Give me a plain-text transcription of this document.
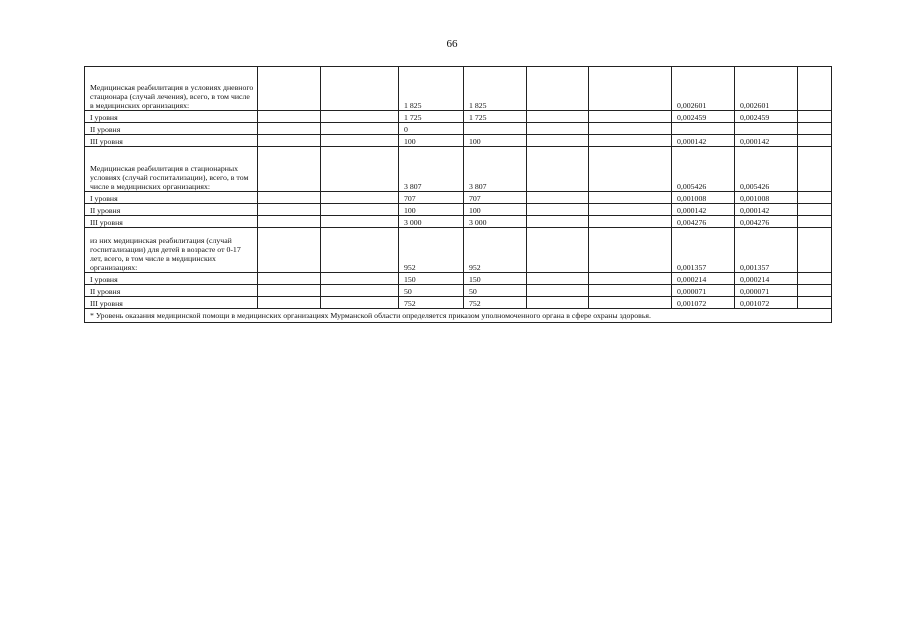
66
Медицинская реабилитация в условиях дневного стационара (случай лечения), всего, в том числе в медицинских организациях:			1 825	1 825			0,002601	0,002601	
I уровня			1 725	1 725			0,002459	0,002459	
II уровня			0						
III уровня			100	100			0,000142	0,000142	
Медицинская реабилитация в стационарных условиях (случай госпитализации), всего, в том числе в медицинских организациях:			3 807	3 807			0,005426	0,005426	
I уровня			707	707			0,001008	0,001008	
II уровня			100	100			0,000142	0,000142	
III уровня			3 000	3 000			0,004276	0,004276	
из них медицинская реабилитация (случай госпитализации) для детей в возрасте от 0-17 лет, всего, в том числе в медицинских организациях:			952	952			0,001357	0,001357	
I уровня			150	150			0,000214	0,000214	
II уровня			50	50			0,000071	0,000071	
III уровня			752	752			0,001072	0,001072	
* Уровень оказания медицинской помощи в медицинских организациях Мурманской области определяется приказом уполномоченного органа в сфере охраны здоровья.									
